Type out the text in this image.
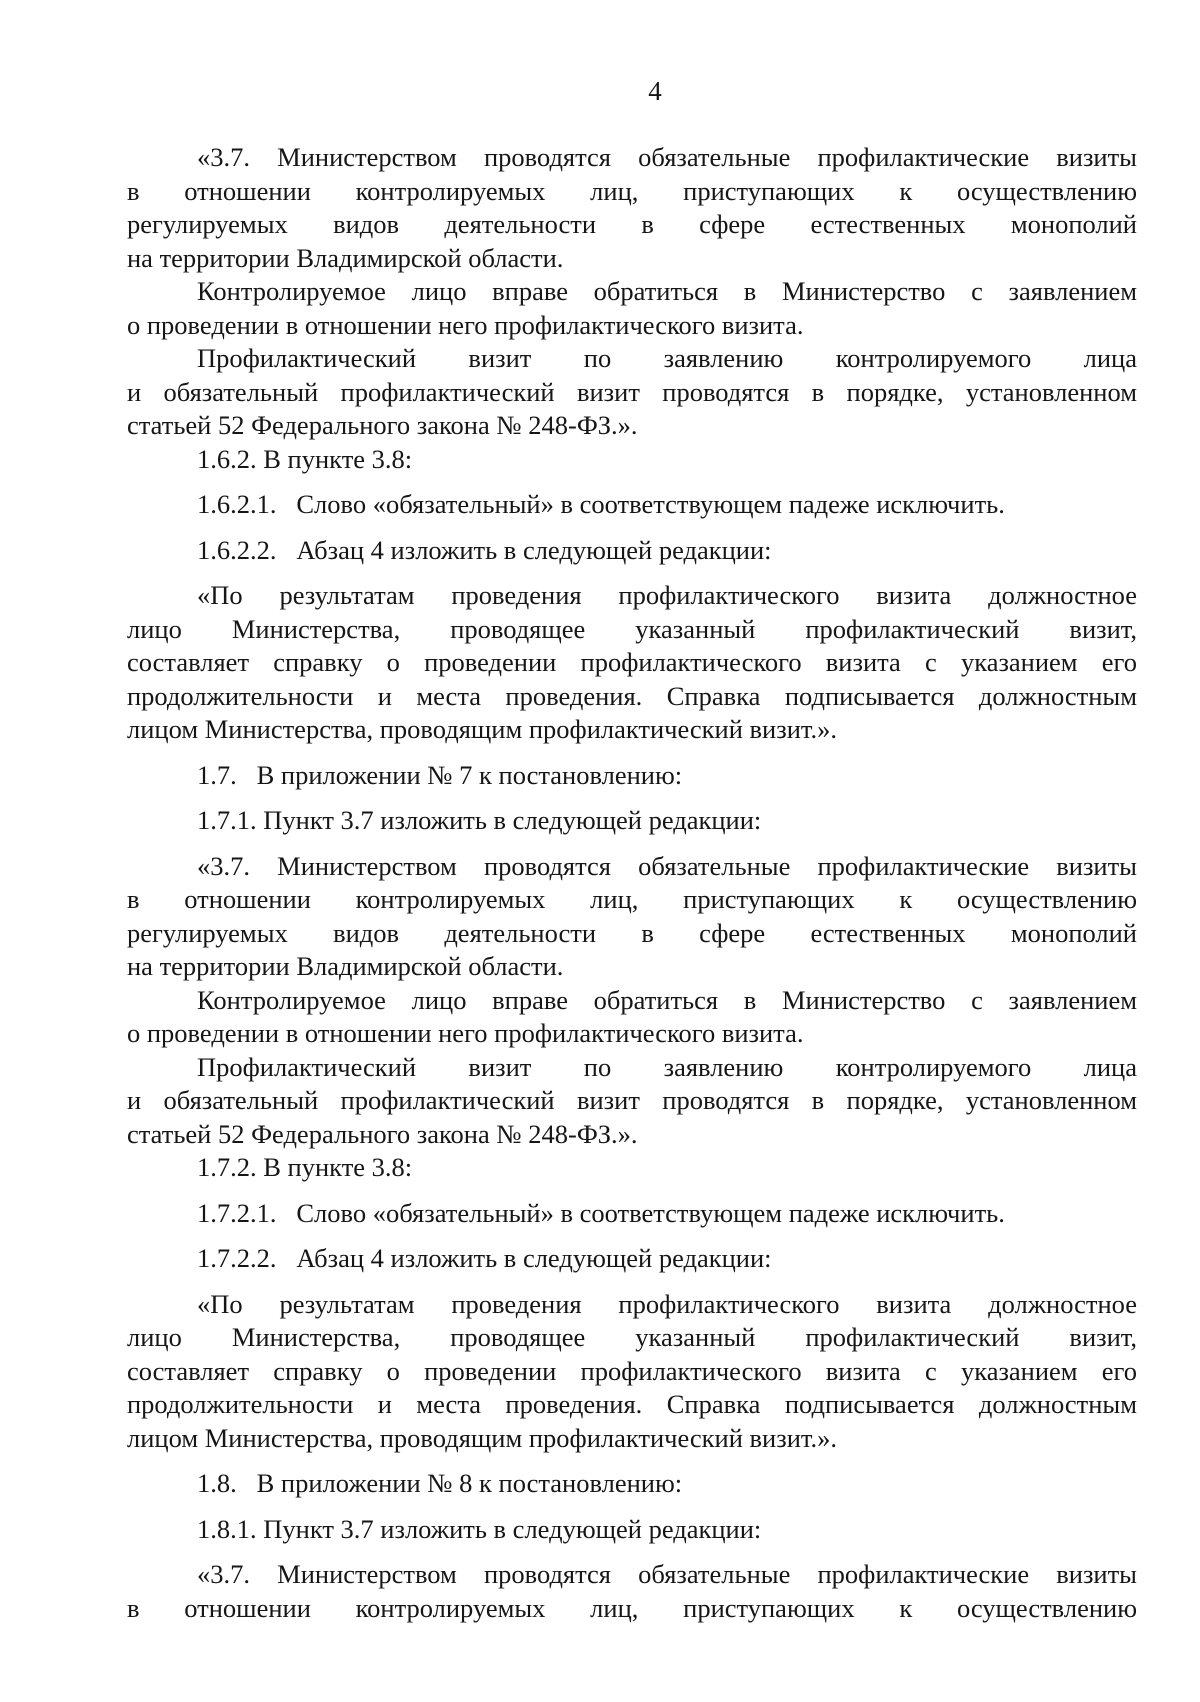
4
«3.7. Министерством проводятся обязательные профилактические визиты
в отношении контролируемых лиц, приступающих к осуществлению
регулируемых видов деятельности в сфере естественных монополий
на территории Владимирской области.
Контролируемое лицо вправе обратиться в Министерство с заявлением
о проведении в отношении него профилактического визита.
Профилактический визит по заявлению контролируемого лица
и обязательный профилактический визит проводятся в порядке, установленном
статьей 52 Федерального закона № 248-ФЗ.».
1.6.2. В пункте 3.8:
1.6.2.1.   Слово «обязательный» в соответствующем падеже исключить.
1.6.2.2.   Абзац 4 изложить в следующей редакции:
«По результатам проведения профилактического визита должностное
лицо Министерства, проводящее указанный профилактический визит,
составляет справку о проведении профилактического визита с указанием его
продолжительности и места проведения. Справка подписывается должностным
лицом Министерства, проводящим профилактический визит.».
1.7.   В приложении № 7 к постановлению:
1.7.1. Пункт 3.7 изложить в следующей редакции:
«3.7. Министерством проводятся обязательные профилактические визиты
в отношении контролируемых лиц, приступающих к осуществлению
регулируемых видов деятельности в сфере естественных монополий
на территории Владимирской области.
Контролируемое лицо вправе обратиться в Министерство с заявлением
о проведении в отношении него профилактического визита.
Профилактический визит по заявлению контролируемого лица
и обязательный профилактический визит проводятся в порядке, установленном
статьей 52 Федерального закона № 248-ФЗ.».
1.7.2. В пункте 3.8:
1.7.2.1.   Слово «обязательный» в соответствующем падеже исключить.
1.7.2.2.   Абзац 4 изложить в следующей редакции:
«По результатам проведения профилактического визита должностное
лицо Министерства, проводящее указанный профилактический визит,
составляет справку о проведении профилактического визита с указанием его
продолжительности и места проведения. Справка подписывается должностным
лицом Министерства, проводящим профилактический визит.».
1.8.   В приложении № 8 к постановлению:
1.8.1. Пункт 3.7 изложить в следующей редакции:
«3.7. Министерством проводятся обязательные профилактические визиты
в отношении контролируемых лиц, приступающих к осуществлению
